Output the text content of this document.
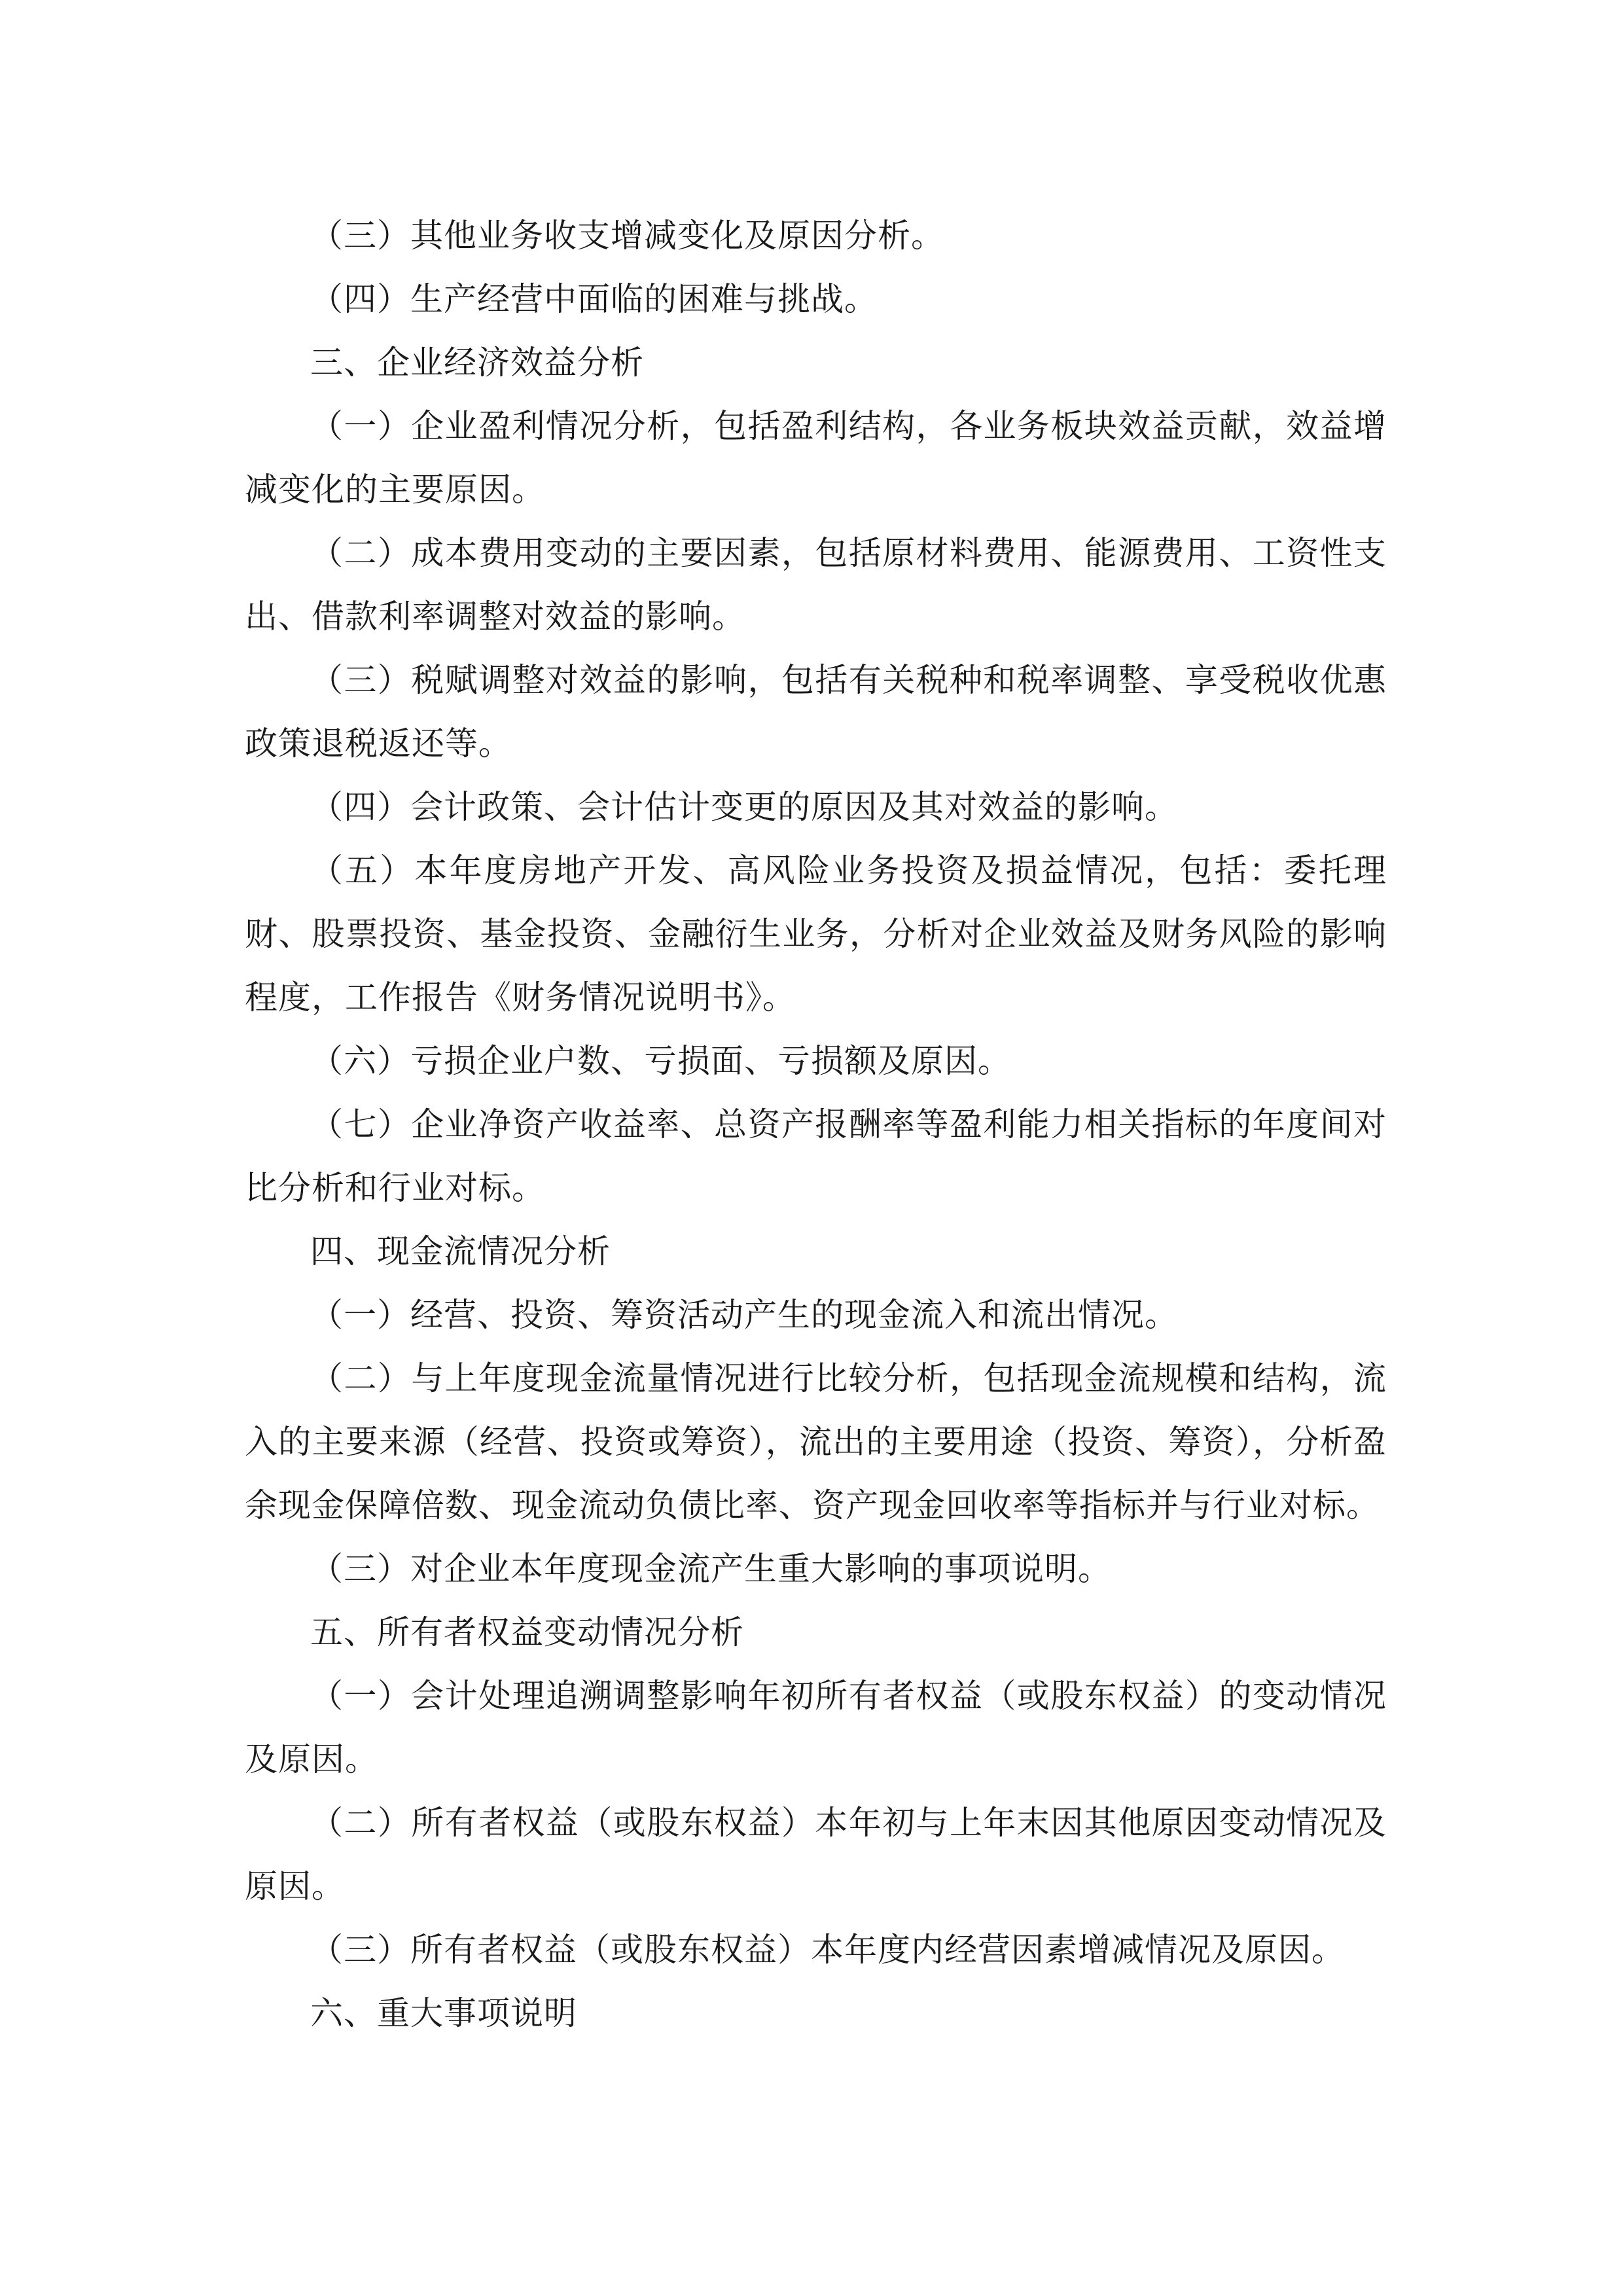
（三）其他业务收支增减变化及原因分析。

（四）生产经营中面临的困难与挑战。

三、企业经济效益分析

（一）企业盈利情况分析，包括盈利结构，各业务板块效益贡献，效益增减变化的主要原因。

（二）成本费用变动的主要因素，包括原材料费用、能源费用、工资性支出、借款利率调整对效益的影响。

（三）税赋调整对效益的影响，包括有关税种和税率调整、享受税收优惠政策退税返还等。

（四）会计政策、会计估计变更的原因及其对效益的影响。

（五）本年度房地产开发、高风险业务投资及损益情况，包括：委托理财、股票投资、基金投资、金融衍生业务，分析对企业效益及财务风险的影响程度，工作报告《财务情况说明书》。

（六）亏损企业户数、亏损面、亏损额及原因。

（七）企业净资产收益率、总资产报酬率等盈利能力相关指标的年度间对比分析和行业对标。

四、现金流情况分析

（一）经营、投资、筹资活动产生的现金流入和流出情况。

（二）与上年度现金流量情况进行比较分析，包括现金流规模和结构，流入的主要来源（经营、投资或筹资），流出的主要用途（投资、筹资），分析盈余现金保障倍数、现金流动负债比率、资产现金回收率等指标并与行业对标。

（三）对企业本年度现金流产生重大影响的事项说明。

五、所有者权益变动情况分析

（一）会计处理追溯调整影响年初所有者权益（或股东权益）的变动情况及原因。

（二）所有者权益（或股东权益）本年初与上年末因其他原因变动情况及原因。

（三）所有者权益（或股东权益）本年度内经营因素增减情况及原因。

六、重大事项说明
